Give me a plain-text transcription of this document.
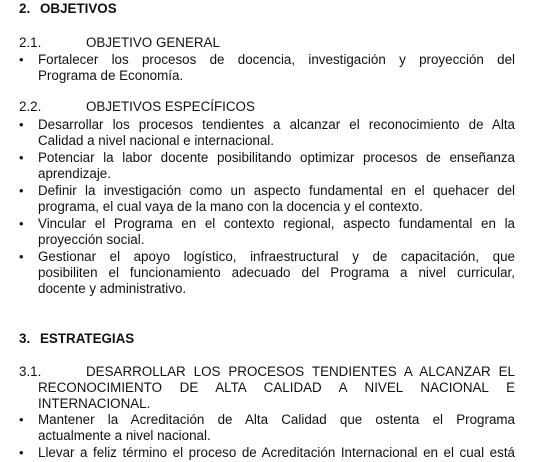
2. OBJETIVOS
2.1.	OBJETIVO GENERAL
• Fortalecer los procesos de docencia, investigación y proyección del
Programa de Economía.
2.2.	OBJETIVOS ESPECÍFICOS
• Desarrollar los procesos tendientes a alcanzar el reconocimiento de Alta
Calidad a nivel nacional e internacional.
• Potenciar la labor docente posibilitando optimizar procesos de enseñanza
aprendizaje.
• Definir la investigación como un aspecto fundamental en el quehacer del
programa, el cual vaya de la mano con la docencia y el contexto.
• Vincular el Programa en el contexto regional, aspecto fundamental en la
proyección social.
• Gestionar el apoyo logístico, infraestructural y de capacitación, que
posibiliten el funcionamiento adecuado del Programa a nivel curricular,
docente y administrativo.
3. ESTRATEGIAS
3.1.	DESARROLLAR LOS PROCESOS TENDIENTES A ALCANZAR EL
RECONOCIMIENTO DE ALTA CALIDAD A NIVEL NACIONAL E
INTERNACIONAL.
• Mantener la Acreditación de Alta Calidad que ostenta el Programa
actualmente a nivel nacional.
• Llevar a feliz término el proceso de Acreditación Internacional en el cual está
